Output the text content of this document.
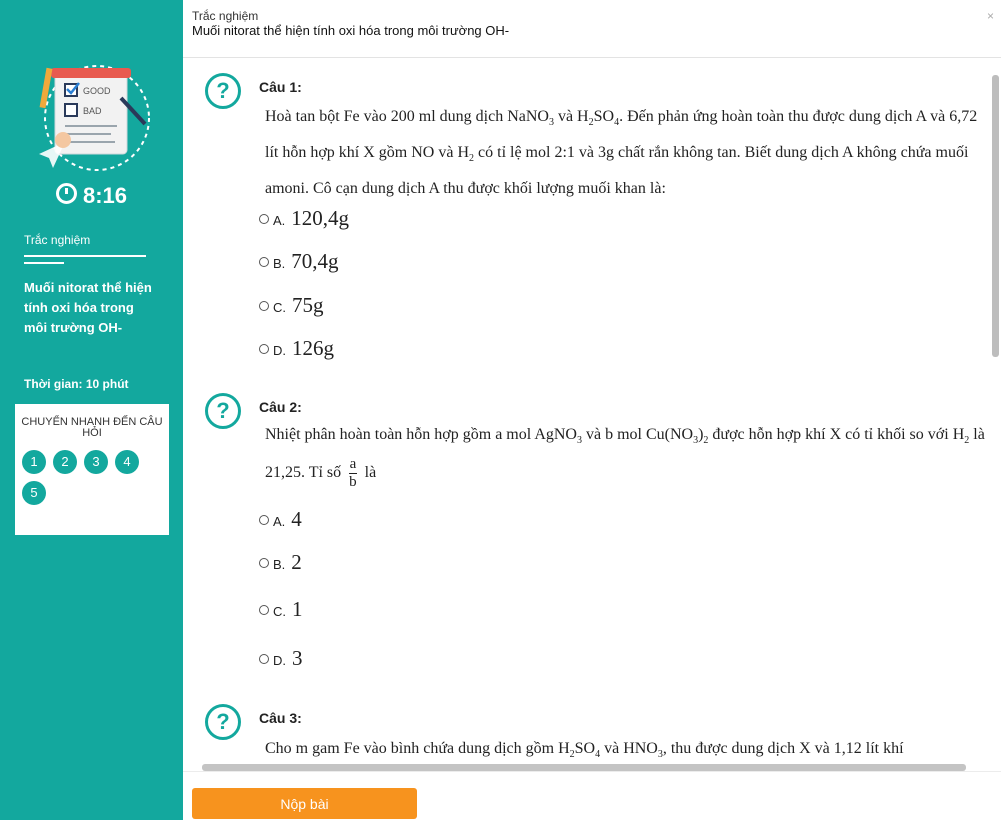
GOOD
BAD
8:16
Trắc nghiệm
Muối nitorat thể hiện tính oxi hóa trong môi trường OH-
Thời gian: 10 phút
CHUYỂN NHANH ĐẾN CÂU HỎI
1	2	3	4
5
Trắc nghiệm
Muối nitorat thể hiện tính oxi hóa trong môi trường OH-
×
?	Câu 1:
Hoà tan bột Fe vào 200 ml dung dịch NaNO$_3$ và $H_2SO_4$. Đến phản ứng hoàn toàn thu được dung dịch A và 6,72 lít hỗn hợp khí X gồm NO và $H_2$ có tỉ lệ mol 2:1 và 3g chất rắn không tan. Biết dung dịch A không chứa muối amoni. Cô cạn dung dịch A thu được khối lượng muối khan là:
A. 120,4g
B. 70,4g
C. 75g
D. 126g
?	Câu 2:
Nhiệt phân hoàn toàn hỗn hợp gồm a mol AgNO$_3$ và b mol $Cu(NO_3)_2$ được hỗn hợp khí X có tỉ khối so với $H_2$ là 21,25. Tỉ số $\frac{a}{b}$ là
A. 4
B. 2
C. 1
D. 3
?	Câu 3:
Cho m gam Fe vào bình chứa dung dịch gồm $H_2SO_4$ và $HNO_3$, thu được dung dịch X và 1,12 lít khí
Nộp bài
